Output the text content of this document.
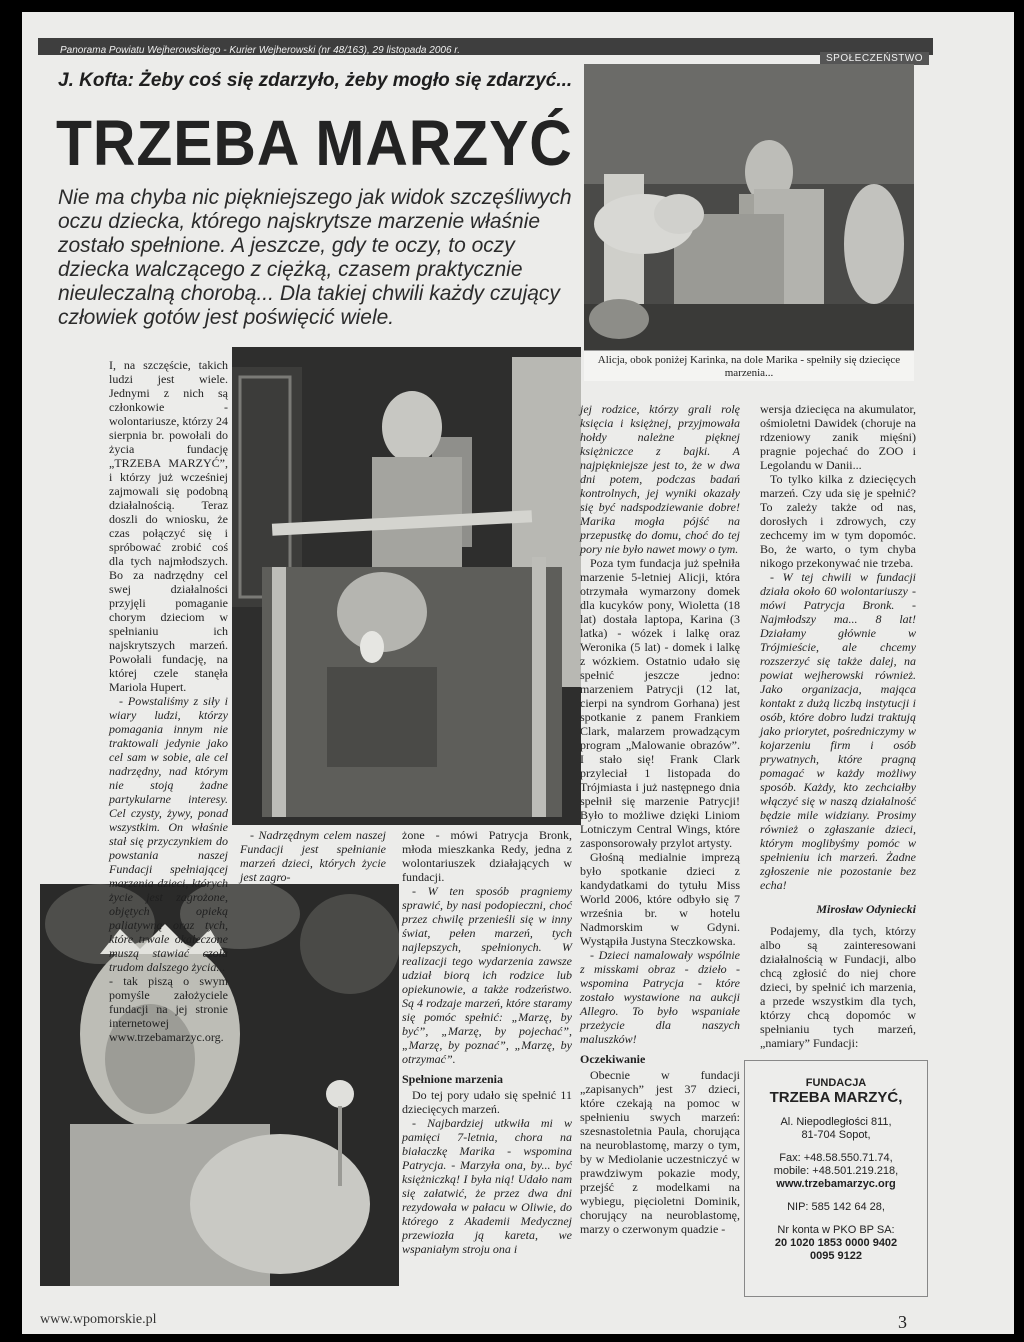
Panorama Powiatu Wejherowskiego - Kurier Wejherowski (nr 48/163), 29 listopada 2006 r.
SPOŁECZEŃSTWO
J. Kofta: Żeby coś się zdarzyło, żeby mogło się zdarzyć...
TRZEBA MARZYĆ
Nie ma chyba nic piękniejszego jak widok szczęśliwych oczu dziecka, którego najskrytsze marzenie właśnie zostało spełnione. A jeszcze, gdy te oczy, to oczy dziecka walczącego z ciężką, czasem praktycznie nieuleczalną chorobą... Dla takiej chwili każdy czujący człowiek gotów jest poświęcić wiele.
Alicja, obok poniżej Karinka, na dole Marika - spełniły się dziecięce marzenia...

I, na szczęście, takich ludzi jest wiele. Jednymi z nich są członkowie - wolontariusze, którzy 24 sierpnia br. powołali do życia fundację „TRZEBA MARZYĆ”, i którzy już wcześniej zajmowali się podobną działalnością. Teraz doszli do wniosku, że czas połączyć się i spróbować zrobić coś dla tych najmłodszych. Bo za nadrzędny cel swej działalności przyjęli pomaganie chorym dzieciom w spełnianiu ich najskrytszych marzeń. Powołali fundację, na której czele stanęła Mariola Hupert.

- Powstaliśmy z siły i wiary ludzi, którzy pomagania innym nie traktowali jedynie jako cel sam w sobie, ale cel nadrzędny, nad którym nie stoją żadne partykularne interesy. Cel czysty, żywy, ponad wszystkim. On właśnie stał się przyczynkiem do powstania naszej Fundacji spełniającej marzenia dzieci, których życie jest zagrożone, objętych opieką paliatywną oraz tych, które trwale okaleczone muszą stawiać czoła trudom dalszego życia...

- tak piszą o swym pomyśle założyciele fundacji na jej stronie internetowej www.trzebamarzyc.org.

- Nadrzędnym celem naszej Fundacji jest spełnianie marzeń dzieci, których życie jest zagro-

żone - mówi Patrycja Bronk, młoda mieszkanka Redy, jedna z wolontariuszek działających w fundacji.

- W ten sposób pragniemy sprawić, by nasi podopieczni, choć przez chwilę przenieśli się w inny świat, pełen marzeń, tych najlepszych, spełnionych. W realizacji tego wydarzenia zawsze udział biorą ich rodzice lub opiekunowie, a także rodzeństwo. Są 4 rodzaje marzeń, które staramy się pomóc spełnić: „Marzę, by być”, „Marzę, by pojechać”, „Marzę, by poznać”, „Marzę, by otrzymać”.

Spełnione marzenia

Do tej pory udało się spełnić 11 dziecięcych marzeń.

- Najbardziej utkwiła mi w pamięci 7-letnia, chora na białaczkę Marika - wspomina Patrycja. - Marzyła ona, by... być księżniczką! I była nią! Udało nam się załatwić, że przez dwa dni rezydowała w pałacu w Oliwie, do którego z Akademii Medycznej przewiozła ją kareta, we wspaniałym stroju ona i

jej rodzice, którzy grali rolę księcia i księżnej, przyjmowała hołdy należne pięknej księżniczce z bajki. A najpiękniejsze jest to, że w dwa dni potem, podczas badań kontrolnych, jej wyniki okazały się być nadspodziewanie dobre! Marika mogła pójść na przepustkę do domu, choć do tej pory nie było nawet mowy o tym.

Poza tym fundacja już spełniła marzenie 5-letniej Alicji, która otrzymała wymarzony domek dla kucyków pony, Wioletta (18 lat) dostała laptopa, Karina (3 latka) - wózek i lalkę oraz Weronika (5 lat) - domek i lalkę z wózkiem. Ostatnio udało się spełnić jeszcze jedno: marzeniem Patrycji (12 lat, cierpi na syndrom Gorhana) jest spotkanie z panem Frankiem Clark, malarzem prowadzącym program „Malowanie obrazów”. I stało się! Frank Clark przyleciał 1 listopada do Trójmiasta i już następnego dnia spełnił się marzenie Patrycji! Było to możliwe dzięki Liniom Lotniczym Central Wings, które zasponsorowały przylot artysty.

Głośną medialnie imprezą było spotkanie dzieci z kandydatkami do tytułu Miss World 2006, które odbyło się 7 września br. w hotelu Nadmorskim w Gdyni. Wystąpiła Justyna Steczkowska.

- Dzieci namalowały wspólnie z misskami obraz - dzieło - wspomina Patrycja - które zostało wystawione na aukcji Allegro. To było wspaniałe przeżycie dla naszych maluszków!

Oczekiwanie

Obecnie w fundacji „zapisanych” jest 37 dzieci, które czekają na pomoc w spełnieniu swych marzeń: szesnastoletnia Paula, chorująca na neuroblastomę, marzy o tym, by w Mediolanie uczestniczyć w prawdziwym pokazie mody, przejść z modelkami na wybiegu, pięcioletni Dominik, chorujący na neuroblastomę, marzy o czerwonym quadzie -

wersja dziecięca na akumulator, ośmioletni Dawidek (choruje na rdzeniowy zanik mięśni) pragnie pojechać do ZOO i Legolandu w Danii...

To tylko kilka z dziecięcych marzeń. Czy uda się je spełnić? To zależy także od nas, dorosłych i zdrowych, czy zechcemy im w tym dopomóc. Bo, że warto, o tym chyba nikogo przekonywać nie trzeba.

- W tej chwili w fundacji działa około 60 wolontariuszy - mówi Patrycja Bronk. - Najmłodszy ma... 8 lat! Działamy głównie w Trójmieście, ale chcemy rozszerzyć się także dalej, na powiat wejherowski również. Jako organizacja, mająca kontakt z dużą liczbą instytucji i osób, które dobro ludzi traktują jako priorytet, pośredniczymy w kojarzeniu firm i osób prywatnych, które pragną pomagać w każdy możliwy sposób. Każdy, kto zechciałby włączyć się w naszą działalność będzie mile widziany. Prosimy również o zgłaszanie dzieci, którym moglibyśmy pomóc w spełnieniu ich marzeń. Żadne zgłoszenie nie pozostanie bez echa!

Mirosław Odyniecki

Podajemy, dla tych, którzy albo są zainteresowani działalnością w Fundacji, albo chcą zgłosić do niej chore dzieci, by spełnić ich marzenia, a przede wszystkim dla tych, którzy chcą dopomóc w spełnianiu tych marzeń, „namiary” Fundacji:

FUNDACJA
TRZEBA MARZYĆ,
Al. Niepodległości 811,
81-704 Sopot,
Fax: +48.58.550.71.74,
mobile: +48.501.219.218,
www.trzebamarzyc.org
NIP: 585 142 64 28,
Nr konta w PKO BP SA:
20 1020 1853 0000 9402
0095 9122
www.wpomorskie.pl	3
